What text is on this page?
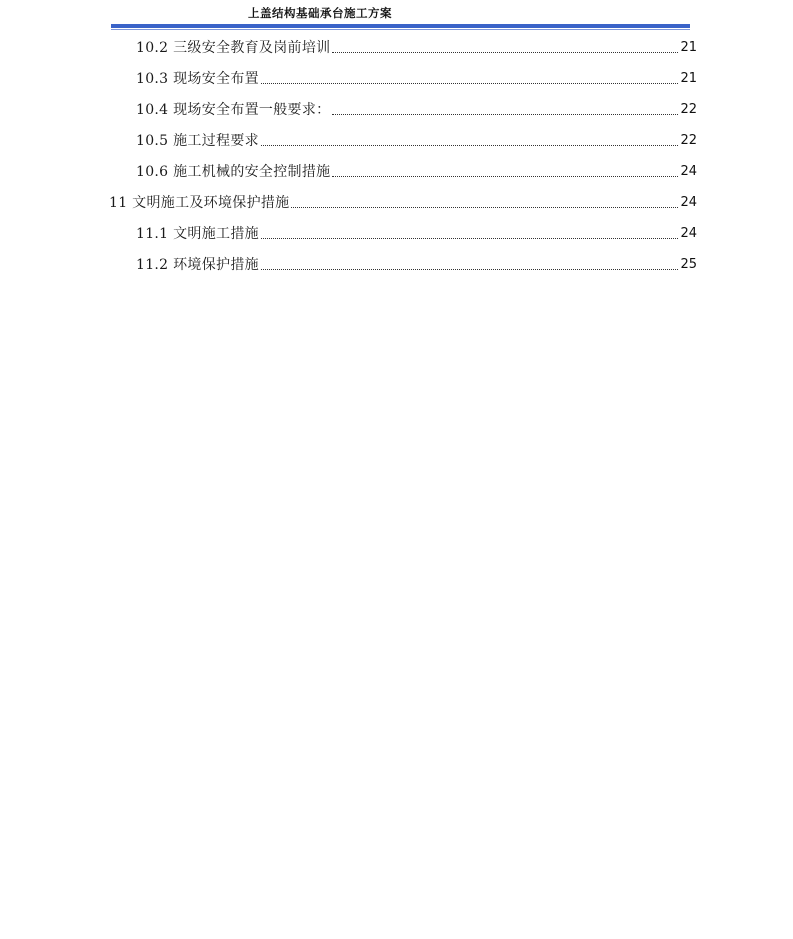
上盖结构基础承台施工方案
10.2 三级安全教育及岗前培训	21
10.3 现场安全布置	21
10.4 现场安全布置一般要求：	22
10.5 施工过程要求	22
10.6 施工机械的安全控制措施	24
11 文明施工及环境保护措施	24
11.1 文明施工措施	24
11.2 环境保护措施	25
